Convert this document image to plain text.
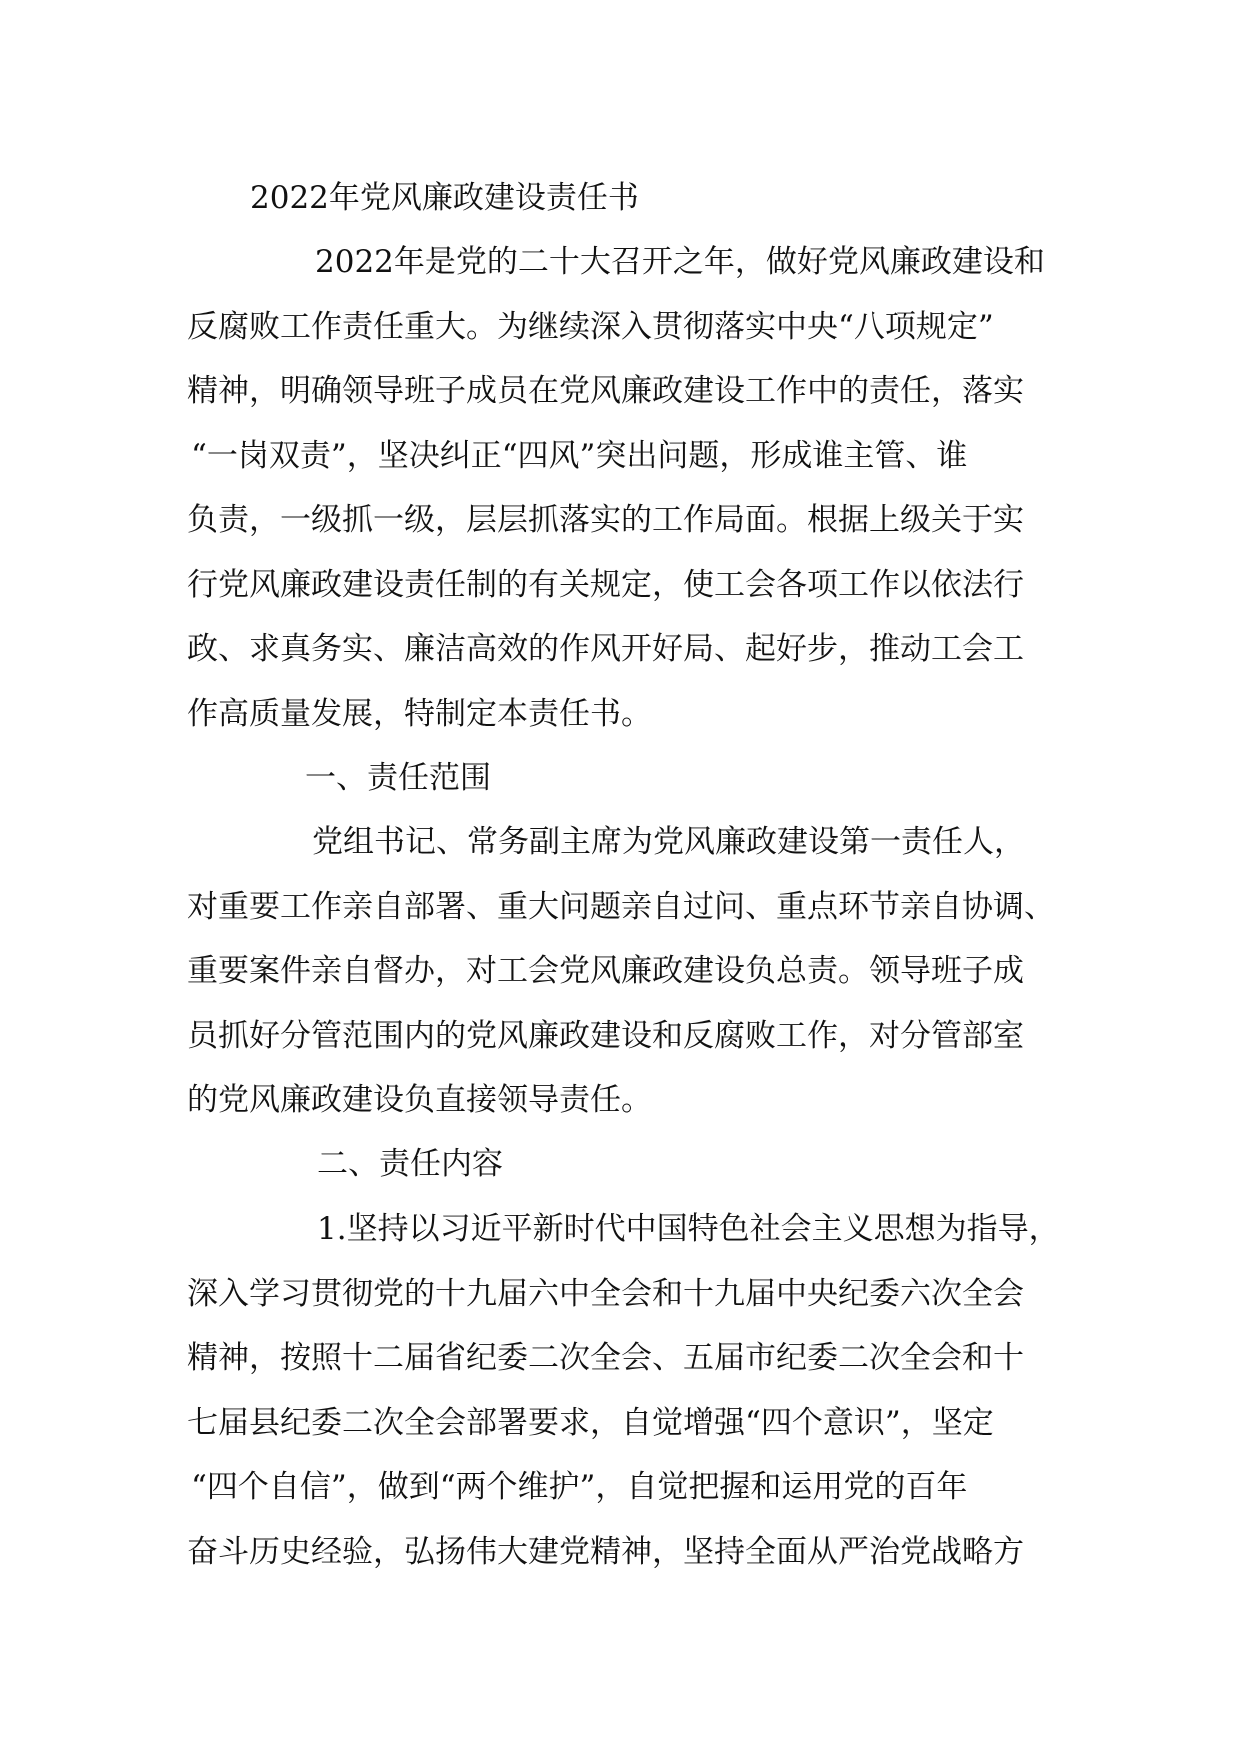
2022年党风廉政建设责任书
2022年是党的二十大召开之年，做好党风廉政建设和
反腐败工作责任重大。为继续深入贯彻落实中央“八项规定”
精神，明确领导班子成员在党风廉政建设工作中的责任，落实
“一岗双责”，坚决纠正“四风”突出问题，形成谁主管、谁
负责，一级抓一级，层层抓落实的工作局面。根据上级关于实
行党风廉政建设责任制的有关规定，使工会各项工作以依法行
政、求真务实、廉洁高效的作风开好局、起好步，推动工会工
作高质量发展，特制定本责任书。
一、责任范围
党组书记、常务副主席为党风廉政建设第一责任人，
对重要工作亲自部署、重大问题亲自过问、重点环节亲自协调、
重要案件亲自督办，对工会党风廉政建设负总责。领导班子成
员抓好分管范围内的党风廉政建设和反腐败工作，对分管部室
的党风廉政建设负直接领导责任。
二、责任内容
1.坚持以习近平新时代中国特色社会主义思想为指导，
深入学习贯彻党的十九届六中全会和十九届中央纪委六次全会
精神，按照十二届省纪委二次全会、五届市纪委二次全会和十
七届县纪委二次全会部署要求，自觉增强“四个意识”，坚定
“四个自信”，做到“两个维护”，自觉把握和运用党的百年
奋斗历史经验，弘扬伟大建党精神，坚持全面从严治党战略方
